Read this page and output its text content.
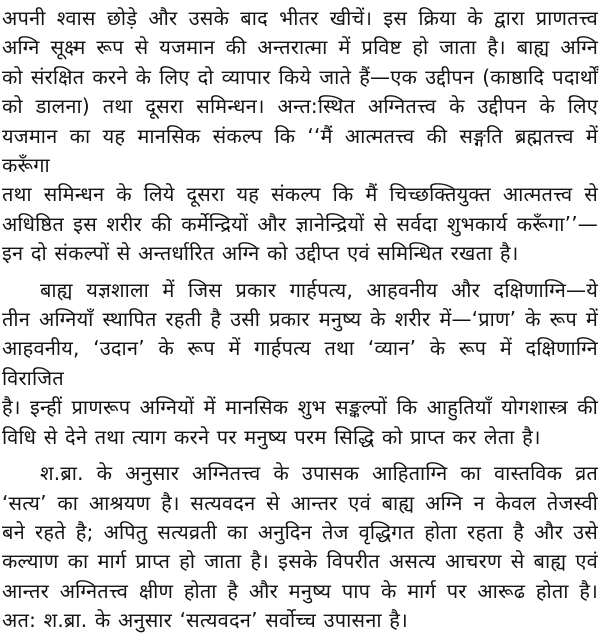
अपनी श्वास छोड़े और उसके बाद भीतर खीचें। इस क्रिया के द्वारा प्राणतत्त्व
अग्नि सूक्ष्म रूप से यजमान की अन्तरात्मा में प्रविष्ट हो जाता है। बाह्य अग्नि
को संरक्षित करने के लिए दो व्यापार किये जाते हैं—एक उद्दीपन (काष्ठादि पदार्थों
को डालना) तथा दूसरा समिन्धन। अन्त:स्थित अग्नितत्त्व के उद्दीपन के लिए
यजमान का यह मानसिक संकल्प कि ‘‘मैं आत्मतत्त्व की सङ्गति ब्रह्मतत्त्व में करूँगा
तथा समिन्धन के लिये दूसरा यह संकल्प कि मैं चिच्छक्तियुक्त आत्मतत्त्व से
अधिष्ठित इस शरीर की कर्मेन्द्रियों और ज्ञानेन्द्रियों से सर्वदा शुभकार्य करूँगा’’—
इन दो संकल्पों से अन्तर्धारित अग्नि को उद्दीप्त एवं समिन्धित रखता है।
बाह्य यज्ञशाला में जिस प्रकार गार्हपत्य, आहवनीय और दक्षिणाग्नि—ये
तीन अग्नियाँ स्थापित रहती है उसी प्रकार मनुष्य के शरीर में—‘प्राण’ के रूप में
आहवनीय, ‘उदान’ के रूप में गार्हपत्य तथा ‘व्यान’ के रूप में दक्षिणाग्नि विराजित
है। इन्हीं प्राणरूप अग्नियों में मानसिक शुभ सङ्कल्पों कि आहुतियाँ योगशास्त्र की
विधि से देने तथा त्याग करने पर मनुष्य परम सिद्धि को प्राप्त कर लेता है।
श.ब्रा. के अनुसार अग्नितत्त्व के उपासक आहिताग्नि का वास्तविक व्रत
‘सत्य’ का आश्रयण है। सत्यवदन से आन्तर एवं बाह्य अग्नि न केवल तेजस्वी
बने रहते है; अपितु सत्यव्रती का अनुदिन तेज वृद्धिगत होता रहता है और उसे
कल्याण का मार्ग प्राप्त हो जाता है। इसके विपरीत असत्य आचरण से बाह्य एवं
आन्तर अग्नितत्त्व क्षीण होता है और मनुष्य पाप के मार्ग पर आरूढ होता है।
अत: श.ब्रा. के अनुसार ‘सत्यवदन’ सर्वोच्च उपासना है।
